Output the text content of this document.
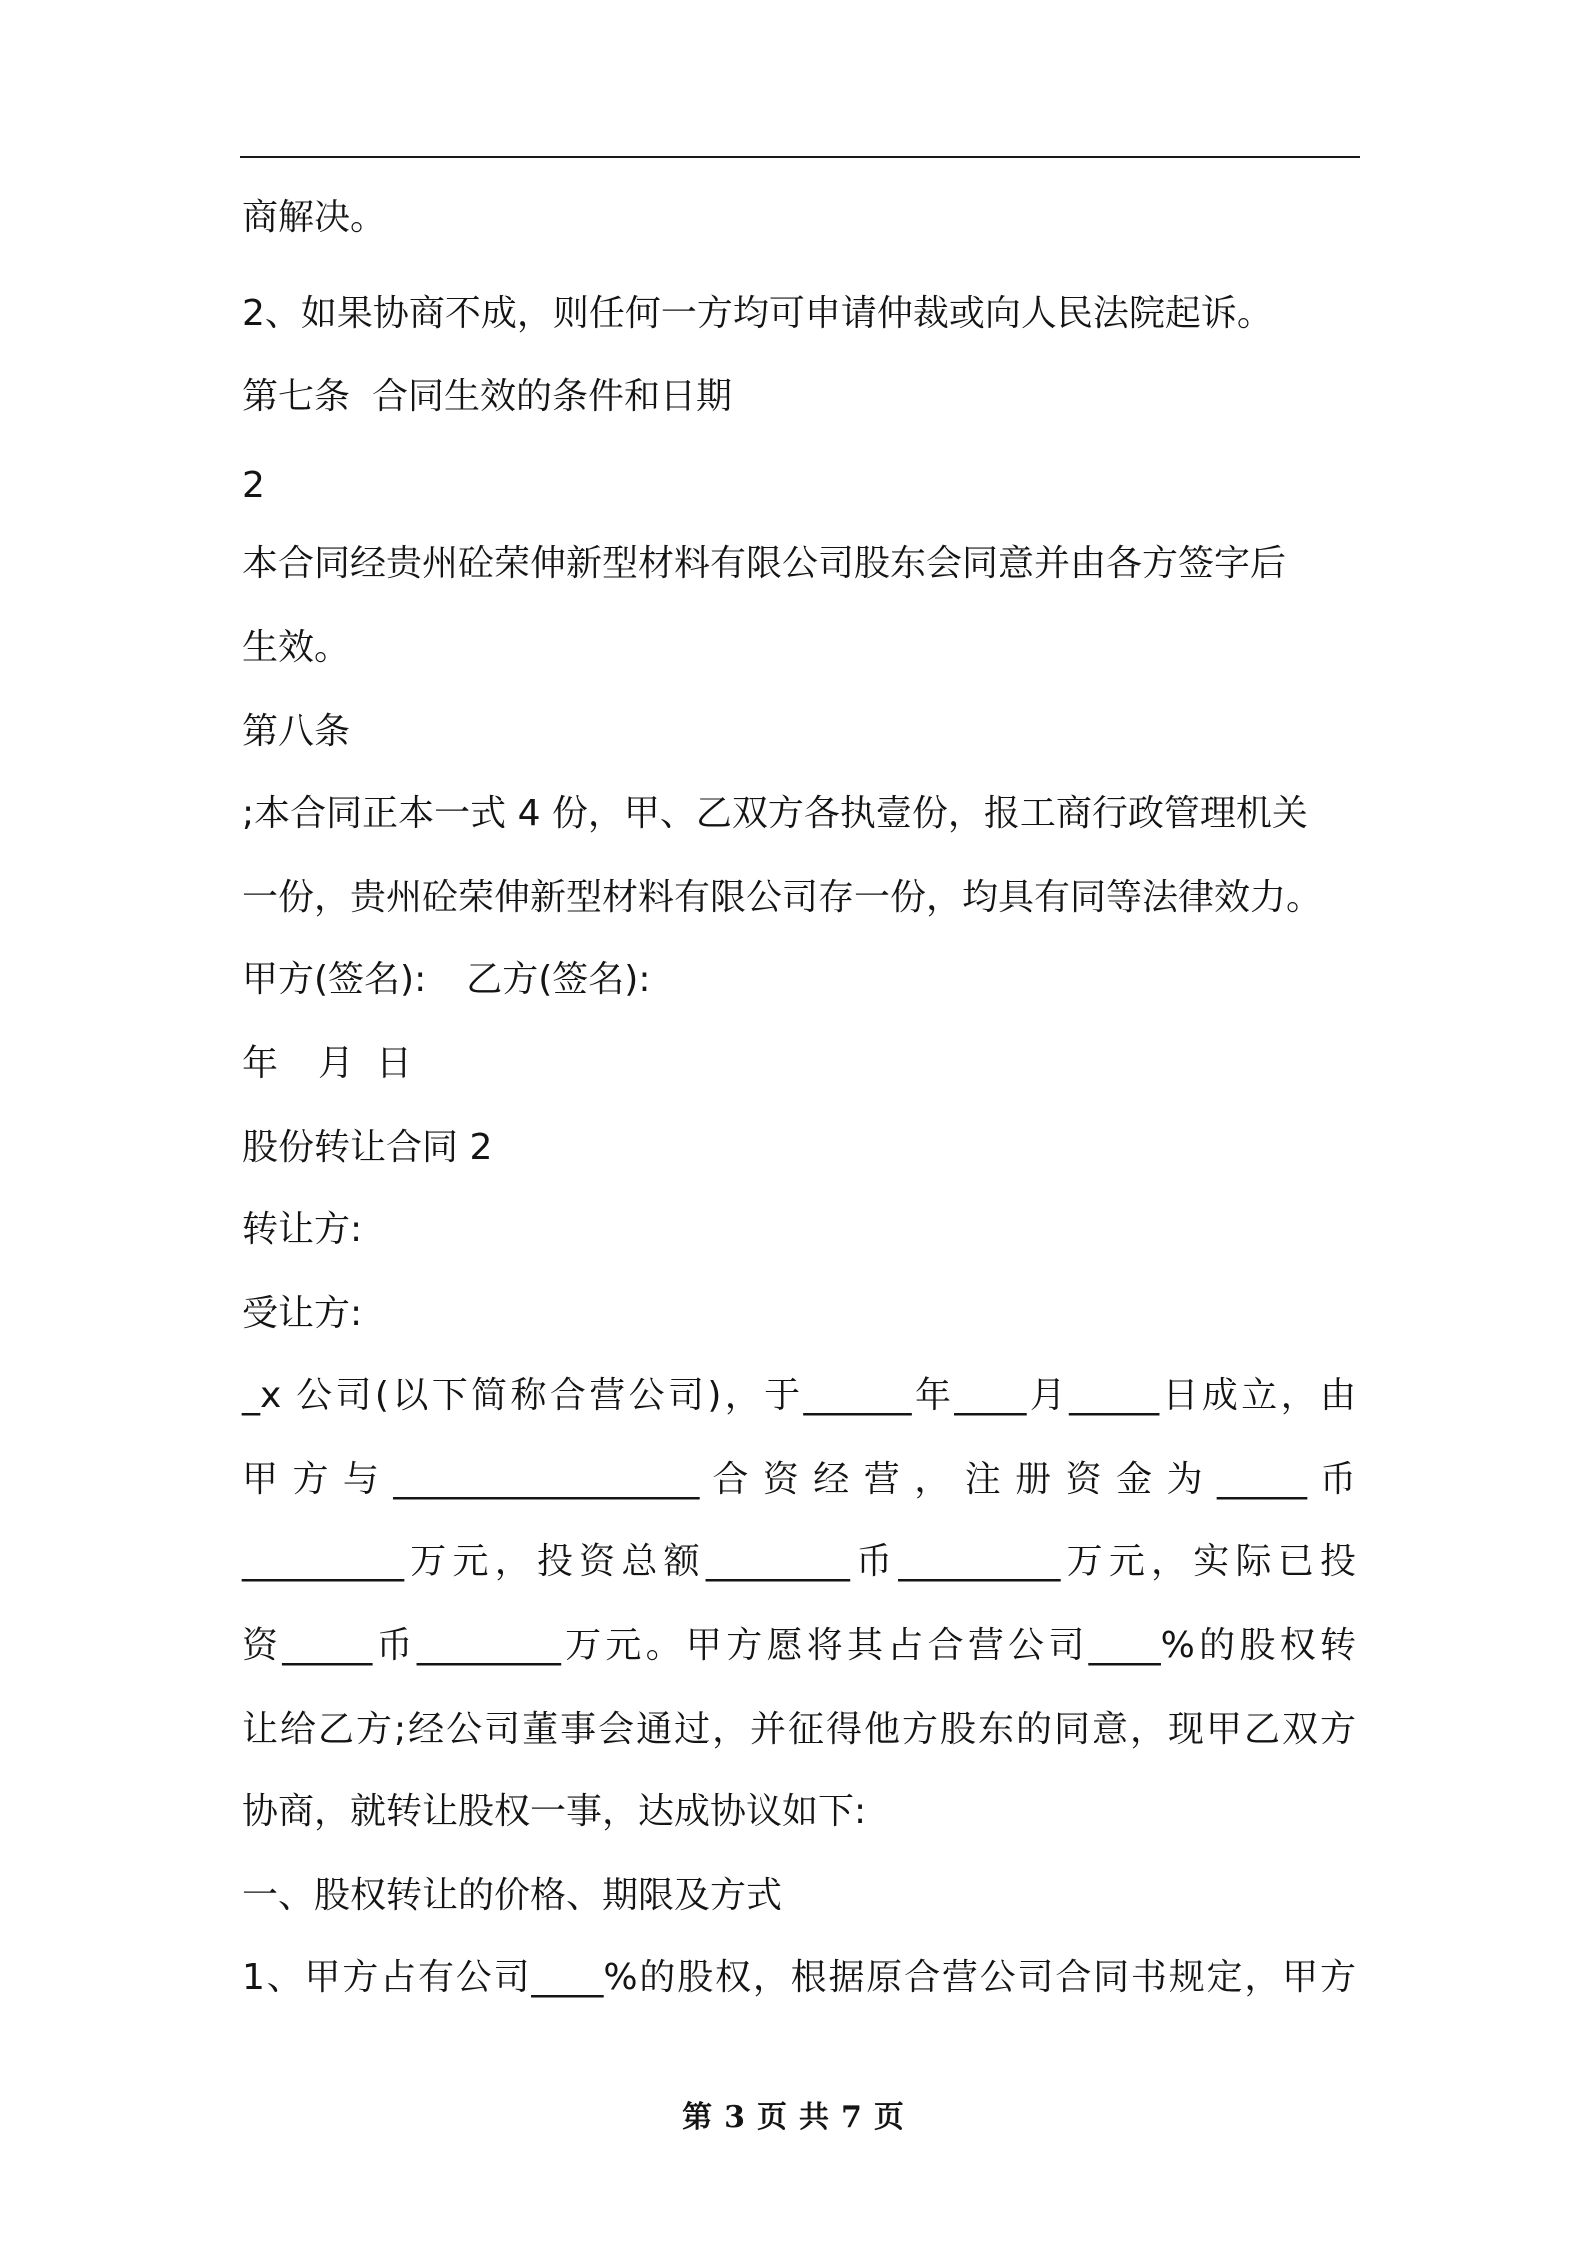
商解决。
2、如果协商不成，则任何一方均可申请仲裁或向人民法院起诉。
第七条 合同生效的条件和日期
2
本合同经贵州砼荣伸新型材料有限公司股东会同意并由各方签字后
生效。
第八条
;本合同正本一式 4 份，甲、乙双方各执壹份，报工商行政管理机关
一份，贵州砼荣伸新型材料有限公司存一份，均具有同等法律效力。
甲方(签名): 乙方(签名):
年 月 日
股份转让合同 2
转让方:
受让方:
_x 公司(以下简称合营公司)，于______年____月_____日成立，由
甲 方 与 _________________ 合 资 经 营 ， 注 册 资 金 为 _____ 币
_________万元，投资总额________币_________万元，实际已投
资_____币________万元。甲方愿将其占合营公司____%的股权转
让给乙方;经公司董事会通过，并征得他方股东的同意，现甲乙双方
协商，就转让股权一事，达成协议如下:
一、股权转让的价格、期限及方式
1、甲方占有公司____%的股权，根据原合营公司合同书规定，甲方
第 3 页 共 7 页
